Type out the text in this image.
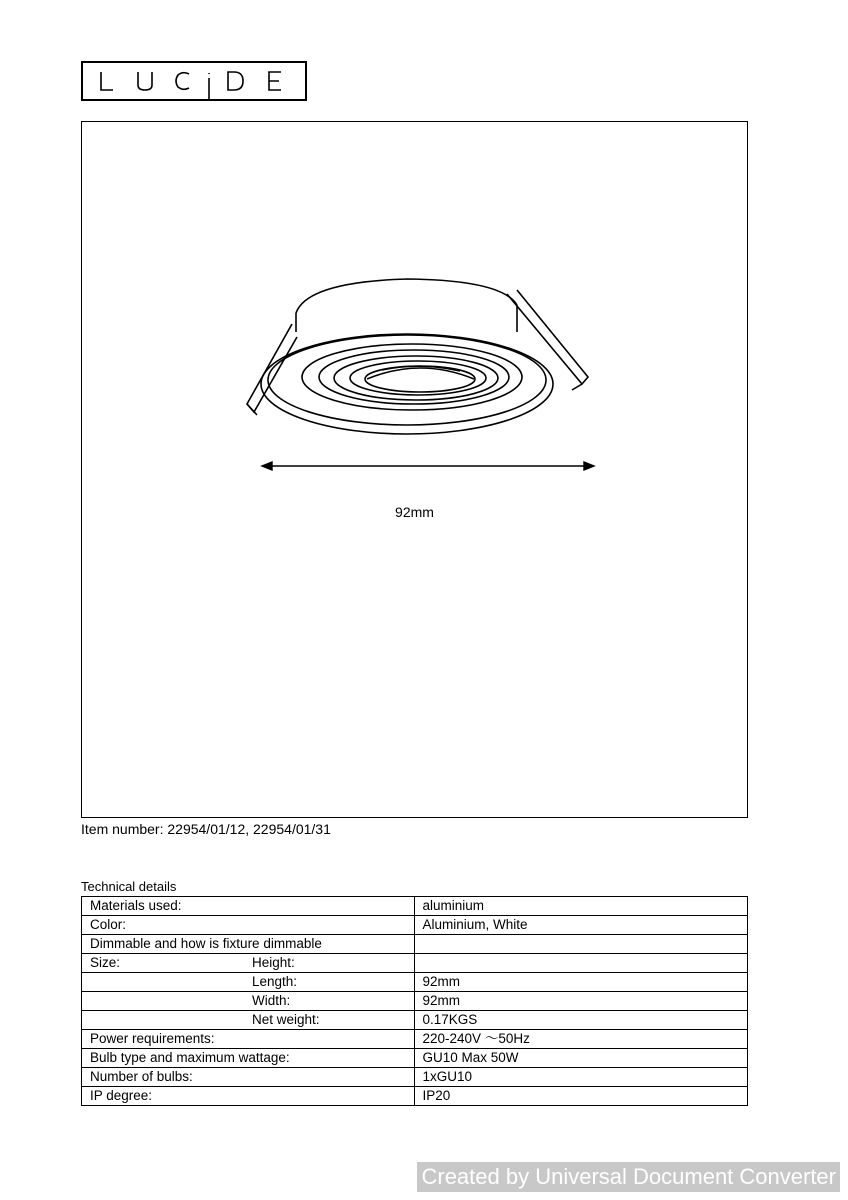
92mm
Item number: 22954/01/12, 22954/01/31
Technical details
Materials used:	aluminium
Color:	Aluminium, White
Dimmable and how is fixture dimmable

Size: Height:	

Length:	92mm

Width:	92mm

Net weight:	0.17KGS
Power requirements:	220-240V ～50Hz
Bulb type and maximum wattage:	GU10 Max 50W
Number of bulbs:	1xGU10
IP degree:	IP20
Created by Universal Document Converter
